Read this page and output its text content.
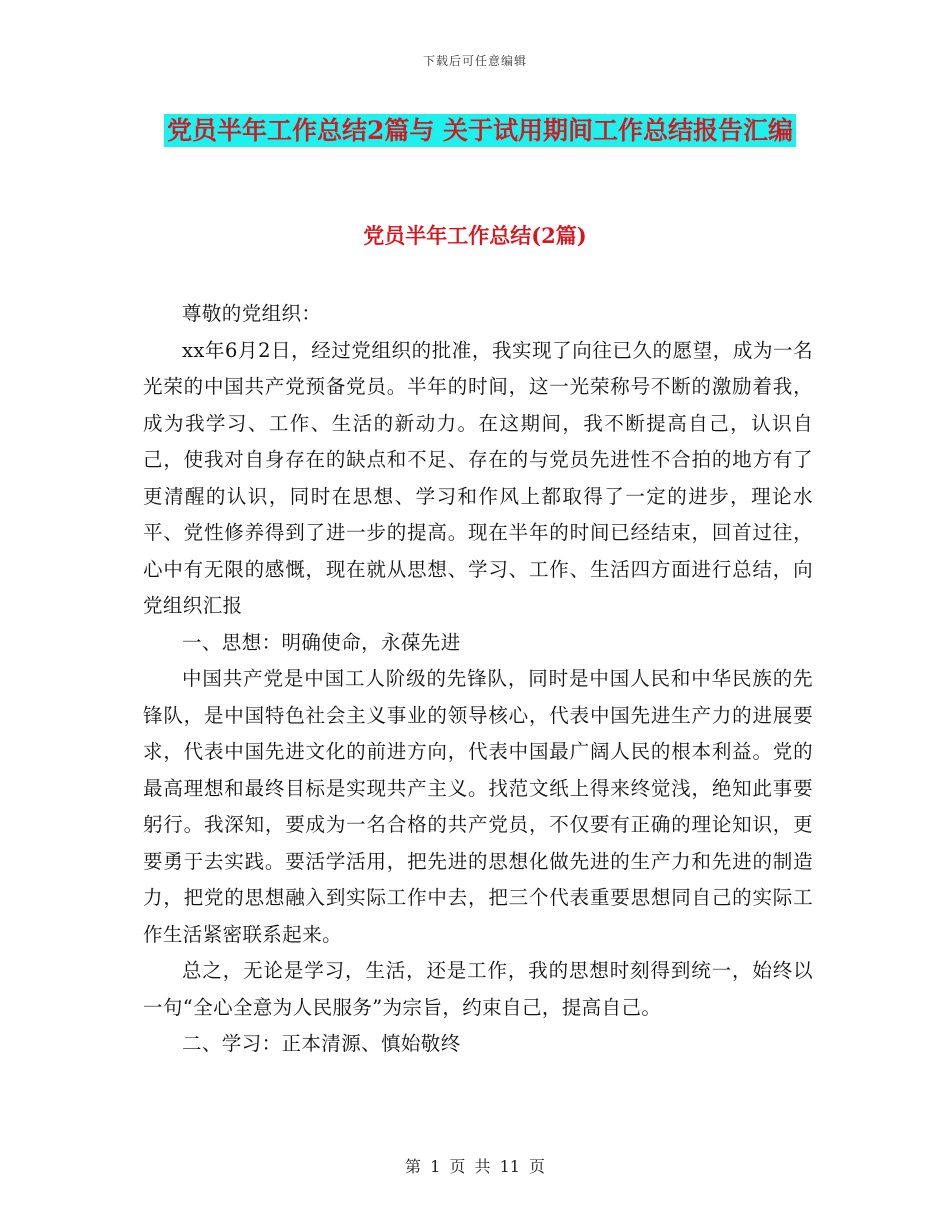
下载后可任意编辑
党员半年工作总结2篇与 关于试用期间工作总结报告汇编
党员半年工作总结(2篇)

尊敬的党组织：

xx年6月2日，经过党组织的批准，我实现了向往已久的愿望，成为一名光荣的中国共产党预备党员。半年的时间，这一光荣称号不断的激励着我，成为我学习、工作、生活的新动力。在这期间，我不断提高自己，认识自己，使我对自身存在的缺点和不足、存在的与党员先进性不合拍的地方有了更清醒的认识，同时在思想、学习和作风上都取得了一定的进步，理论水平、党性修养得到了进一步的提高。现在半年的时间已经结束，回首过往，心中有无限的感慨，现在就从思想、学习、工作、生活四方面进行总结，向党组织汇报

一、思想：明确使命，永葆先进

中国共产党是中国工人阶级的先锋队，同时是中国人民和中华民族的先锋队，是中国特色社会主义事业的领导核心，代表中国先进生产力的进展要求，代表中国先进文化的前进方向，代表中国最广阔人民的根本利益。党的最高理想和最终目标是实现共产主义。找范文纸上得来终觉浅，绝知此事要躬行。我深知，要成为一名合格的共产党员，不仅要有正确的理论知识，更要勇于去实践。要活学活用，把先进的思想化做先进的生产力和先进的制造力，把党的思想融入到实际工作中去，把三个代表重要思想同自己的实际工作生活紧密联系起来。

总之，无论是学习，生活，还是工作，我的思想时刻得到统一，始终以一句“全心全意为人民服务”为宗旨，约束自己，提高自己。

二、学习：正本清源、慎始敬终

第 1 页 共 11 页
